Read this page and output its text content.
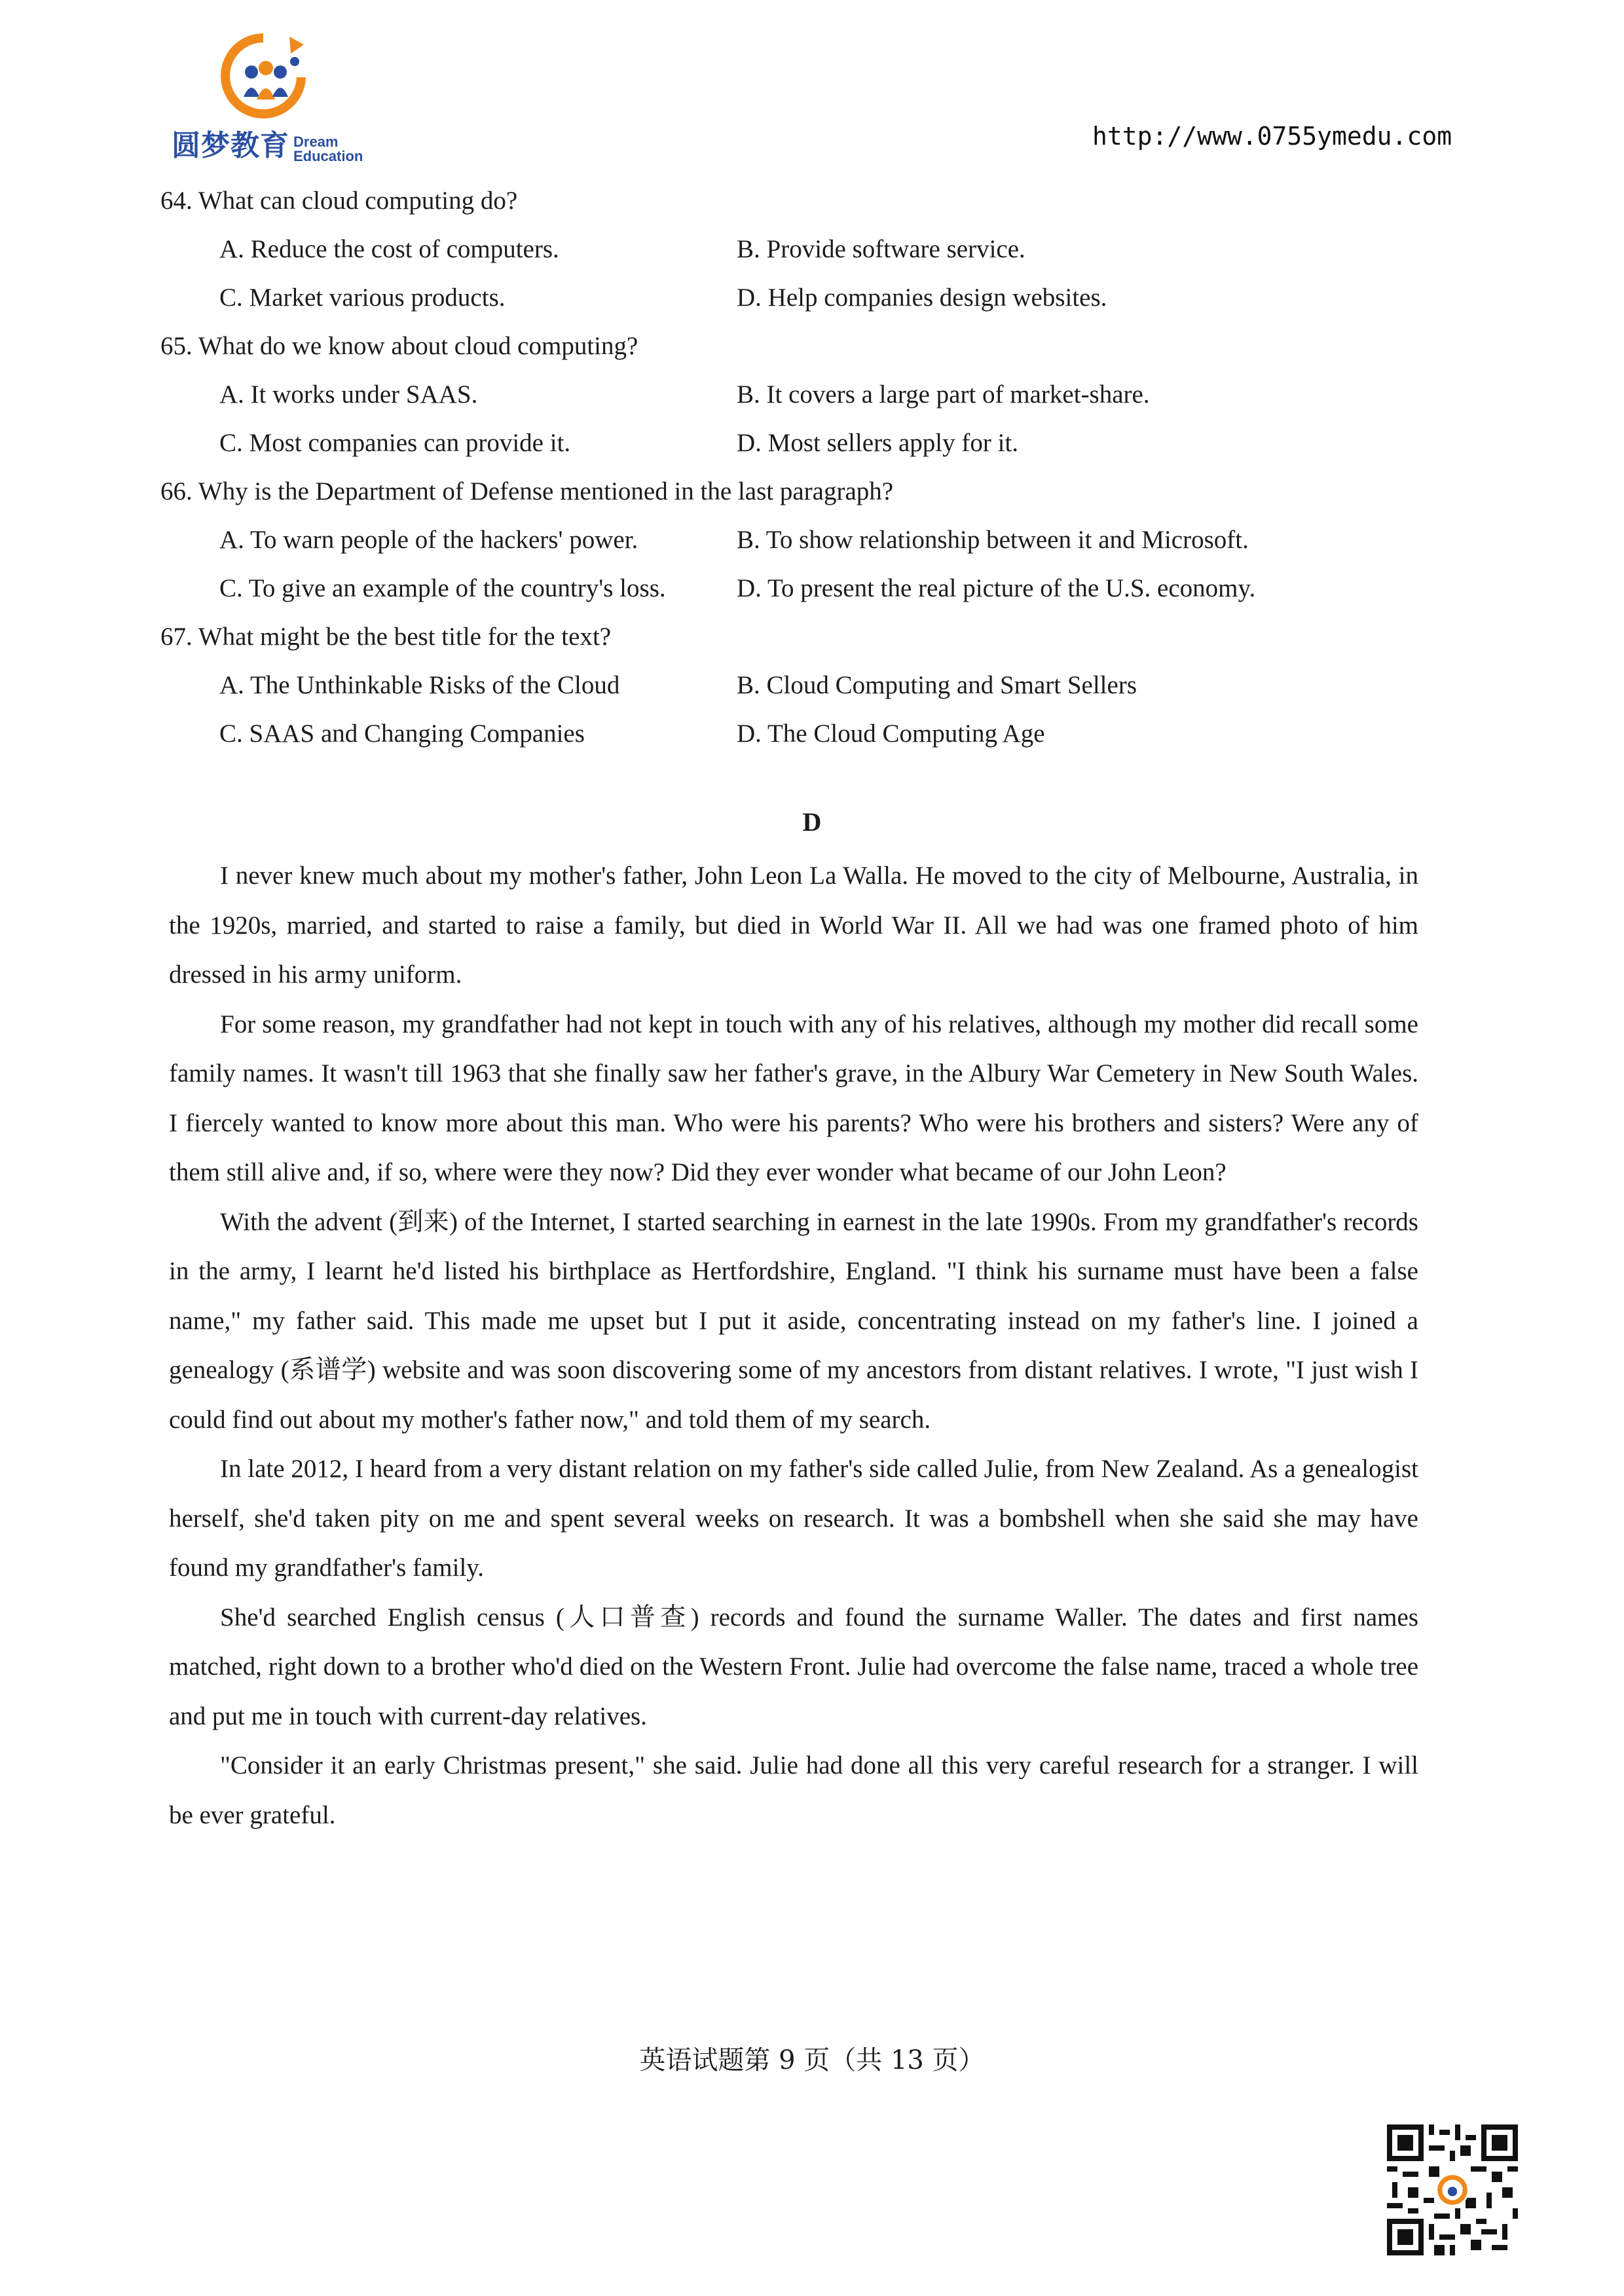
圆梦教育 Dream
Education
http://www.0755ymedu.com

64. What can cloud computing do?

A. Reduce the cost of computers.	B. Provide software service.
C. Market various products.	D. Help companies design websites.

65. What do we know about cloud computing?

A. It works under SAAS.	B. It covers a large part of market-share.
C. Most companies can provide it.	D. Most sellers apply for it.

66. Why is the Department of Defense mentioned in the last paragraph?

A. To warn people of the hackers' power.	B. To show relationship between it and Microsoft.
C. To give an example of the country's loss.	D. To present the real picture of the U.S. economy.

67. What might be the best title for the text?

A. The Unthinkable Risks of the Cloud	B. Cloud Computing and Smart Sellers
C. SAAS and Changing Companies	D. The Cloud Computing Age
D

I never knew much about my mother's father, John Leon La Walla. He moved to the city of Melbourne, Australia, in the 1920s, married, and started to raise a family, but died in World War II. All we had was one framed photo of him dressed in his army uniform.

For some reason, my grandfather had not kept in touch with any of his relatives, although my mother did recall some family names. It wasn't till 1963 that she finally saw her father's grave, in the Albury War Cemetery in New South Wales. I fiercely wanted to know more about this man. Who were his parents? Who were his brothers and sisters? Were any of them still alive and, if so, where were they now? Did they ever wonder what became of our John Leon?

With the advent (到来) of the Internet, I started searching in earnest in the late 1990s. From my grandfather's records in the army, I learnt he'd listed his birthplace as Hertfordshire, England. "I think his surname must have been a false name," my father said. This made me upset but I put it aside, concentrating instead on my father's line. I joined a genealogy (系谱学) website and was soon discovering some of my ancestors from distant relatives. I wrote, "I just wish I could find out about my mother's father now," and told them of my search.

In late 2012, I heard from a very distant relation on my father's side called Julie, from New Zealand. As a genealogist herself, she'd taken pity on me and spent several weeks on research. It was a bombshell when she said she may have found my grandfather's family.

She'd searched English census (人口普查) records and found the surname Waller. The dates and first names matched, right down to a brother who'd died on the Western Front. Julie had overcome the false name, traced a whole tree and put me in touch with current-day relatives.

"Consider it an early Christmas present," she said. Julie had done all this very careful research for a stranger. I will be ever grateful.

英语试题第 9 页（共 13 页）
